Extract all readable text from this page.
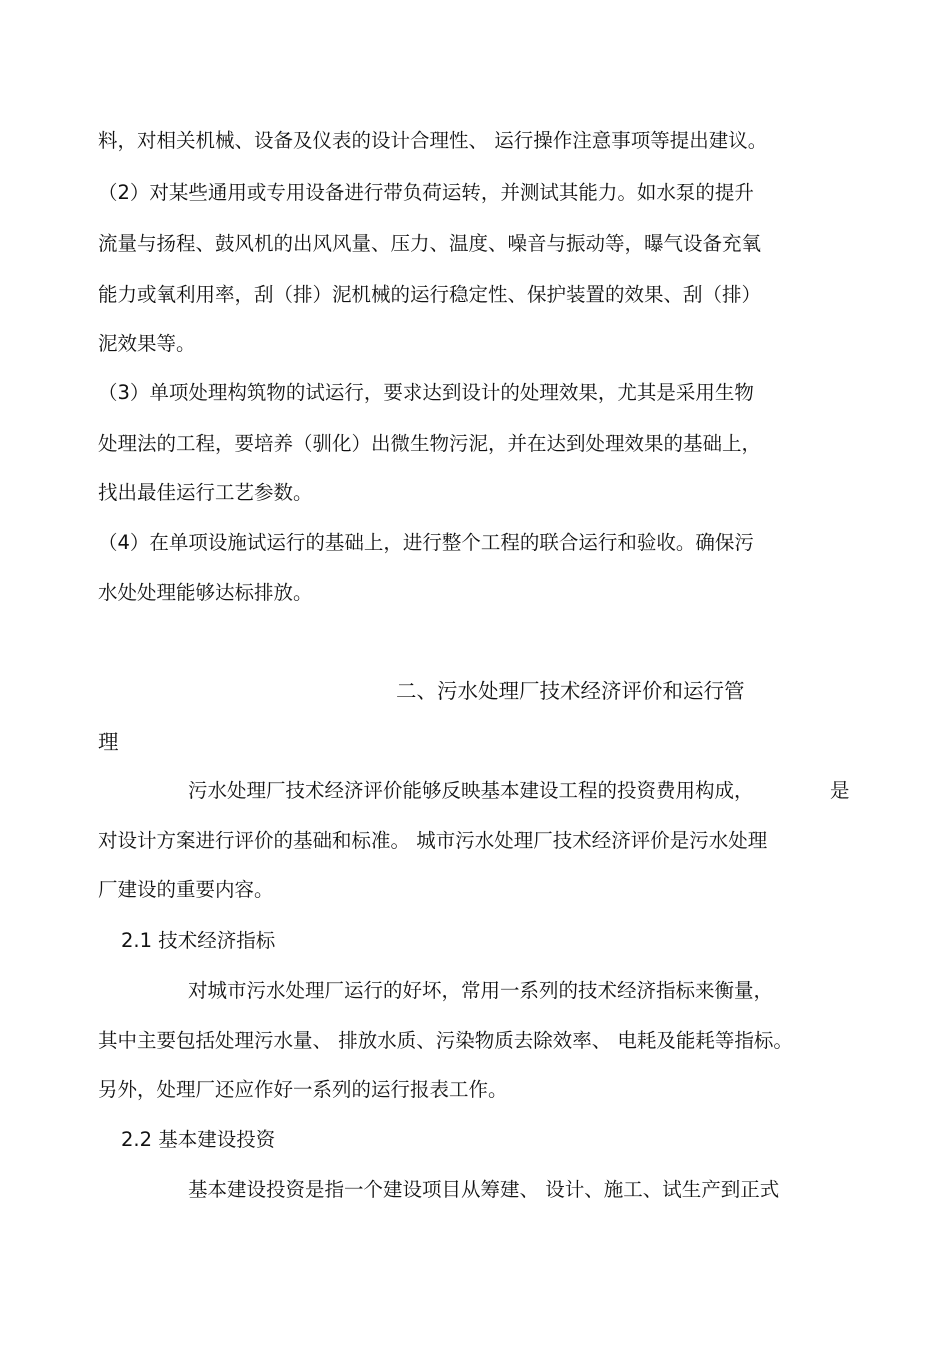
料，对相关机械、设备及仪表的设计合理性、 运行操作注意事项等提出建议。
（2）对某些通用或专用设备进行带负荷运转，并测试其能力。如水泵的提升
流量与扬程、鼓风机的出风风量、压力、温度、噪音与振动等，曝气设备充氧
能力或氧利用率，刮（排）泥机械的运行稳定性、保护装置的效果、刮（排）
泥效果等。
（3）单项处理构筑物的试运行，要求达到设计的处理效果，尤其是采用生物
处理法的工程，要培养（驯化）出微生物污泥，并在达到处理效果的基础上，
找出最佳运行工艺参数。
（4）在单项设施试运行的基础上，进行整个工程的联合运行和验收。确保污
水处处理能够达标排放。
二、污水处理厂技术经济评价和运行管
理
污水处理厂技术经济评价能够反映基本建设工程的投资费用构成，	是
对设计方案进行评价的基础和标准。 城市污水处理厂技术经济评价是污水处理
厂建设的重要内容。
2.1 技术经济指标
对城市污水处理厂运行的好坏，常用一系列的技术经济指标来衡量，
其中主要包括处理污水量、 排放水质、污染物质去除效率、 电耗及能耗等指标。
另外，处理厂还应作好一系列的运行报表工作。
2.2 基本建设投资
基本建设投资是指一个建设项目从筹建、 设计、施工、试生产到正式
